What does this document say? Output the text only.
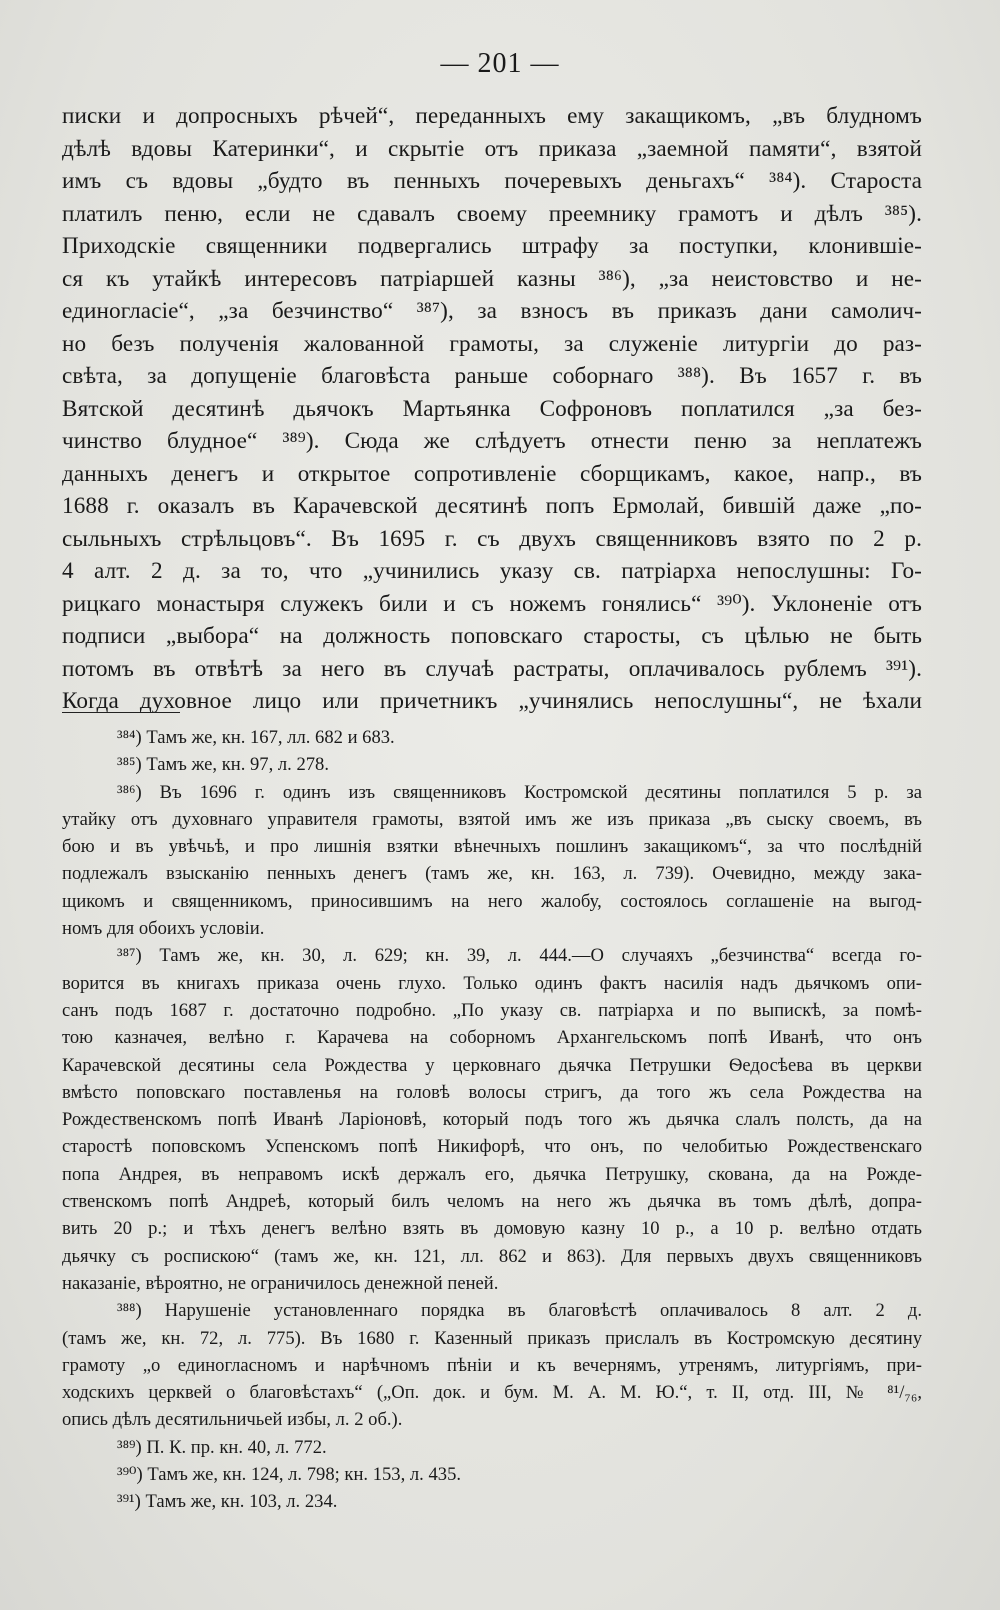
— 201 —
писки и допросныхъ рѣчей“, переданныхъ ему закащикомъ, „въ блудномъ
дѣлѣ вдовы Катеринки“, и скрытіе отъ приказа „заемной памяти“, взятой
имъ съ вдовы „будто въ пенныхъ почеревыхъ деньгахъ“ ³⁸⁴). Староста
платилъ пеню, если не сдавалъ своему преемнику грамотъ и дѣлъ ³⁸⁵).
Приходскіе священники подвергались штрафу за поступки, клонившіе-
ся къ утайкѣ интересовъ патріаршей казны ³⁸⁶), „за неистовство и не-
единогласіе“, „за безчинство“ ³⁸⁷), за взносъ въ приказъ дани самолич-
но безъ полученія жалованной грамоты, за служеніе литургіи до раз-
свѣта, за допущеніе благовѣста раньше соборнаго ³⁸⁸). Въ 1657 г. въ
Вятской десятинѣ дьячокъ Мартьянка Софроновъ поплатился „за без-
чинство блудное“ ³⁸⁹). Сюда же слѣдуетъ отнести пеню за неплатежъ
данныхъ денегъ и открытое сопротивленіе сборщикамъ, какое, напр., въ
1688 г. оказалъ въ Карачевской десятинѣ попъ Ермолай, бившій даже „по-
сыльныхъ стрѣльцовъ“. Въ 1695 г. съ двухъ священниковъ взято по 2 р.
4 алт. 2 д. за то, что „учинились указу св. патріарха непослушны: Го-
рицкаго монастыря служекъ били и съ ножемъ гонялись“ ³⁹⁰). Уклоненіе отъ
подписи „выбора“ на должность поповскаго старосты, съ цѣлью не быть
потомъ въ отвѣтѣ за него въ случаѣ растраты, оплачивалось рублемъ ³⁹¹).
Когда духовное лицо или причетникъ „учинялись непослушны“, не ѣхали
³⁸⁴) Тамъ же, кн. 167, лл. 682 и 683.
³⁸⁵) Тамъ же, кн. 97, л. 278.
³⁸⁶) Въ 1696 г. одинъ изъ священниковъ Костромской десятины поплатился 5 р. за
утайку отъ духовнаго управителя грамоты, взятой имъ же изъ приказа „въ сыску своемъ, въ
бою и въ увѣчьѣ, и про лишнія взятки вѣнечныхъ пошлинъ закащикомъ“, за что послѣдній
подлежалъ взысканію пенныхъ денегъ (тамъ же, кн. 163, л. 739). Очевидно, между зака-
щикомъ и священникомъ, приносившимъ на него жалобу, состоялось соглашеніе на выгод-
номъ для обоихъ условіи.
³⁸⁷) Тамъ же, кн. 30, л. 629; кн. 39, л. 444.—О случаяхъ „безчинства“ всегда го-
ворится въ книгахъ приказа очень глухо. Только одинъ фактъ насилія надъ дьячкомъ опи-
санъ подъ 1687 г. достаточно подробно. „По указу св. патріарха и по выпискѣ, за помѣ-
тою казначея, велѣно г. Карачева на соборномъ Архангельскомъ попѣ Иванѣ, что онъ
Карачевской десятины села Рождества у церковнаго дьячка Петрушки Ѳедосѣева въ церкви
вмѣсто поповскаго поставленья на головѣ волосы стригъ, да того жъ села Рождества на
Рождественскомъ попѣ Иванѣ Ларіоновѣ, который подъ того жъ дьячка слалъ полсть, да на
старостѣ поповскомъ Успенскомъ попѣ Никифорѣ, что онъ, по челобитью Рождественскаго
попа Андрея, въ неправомъ искѣ держалъ его, дьячка Петрушку, скована, да на Рожде-
ственскомъ попѣ Андреѣ, который билъ челомъ на него жъ дьячка въ томъ дѣлѣ, допра-
вить 20 р.; и тѣхъ денегъ велѣно взять въ домовую казну 10 р., а 10 р. велѣно отдать
дьячку съ роспискою“ (тамъ же, кн. 121, лл. 862 и 863). Для первыхъ двухъ священниковъ
наказаніе, вѣроятно, не ограничилось денежной пеней.
³⁸⁸) Нарушеніе установленнаго порядка въ благовѣстѣ оплачивалось 8 алт. 2 д.
(тамъ же, кн. 72, л. 775). Въ 1680 г. Казенный приказъ прислалъ въ Костромскую десятину
грамоту „о единогласномъ и нарѣчномъ пѣніи и къ вечернямъ, утренямъ, литургіямъ, при-
ходскихъ церквей о благовѣстахъ“ („Оп. док. и бум. М. А. М. Ю.“, т. II, отд. III, № ⁸¹/₇₆,
опись дѣлъ десятильничьей избы, л. 2 об.).
³⁸⁹) П. К. пр. кн. 40, л. 772.
³⁹⁰) Тамъ же, кн. 124, л. 798; кн. 153, л. 435.
³⁹¹) Тамъ же, кн. 103, л. 234.
